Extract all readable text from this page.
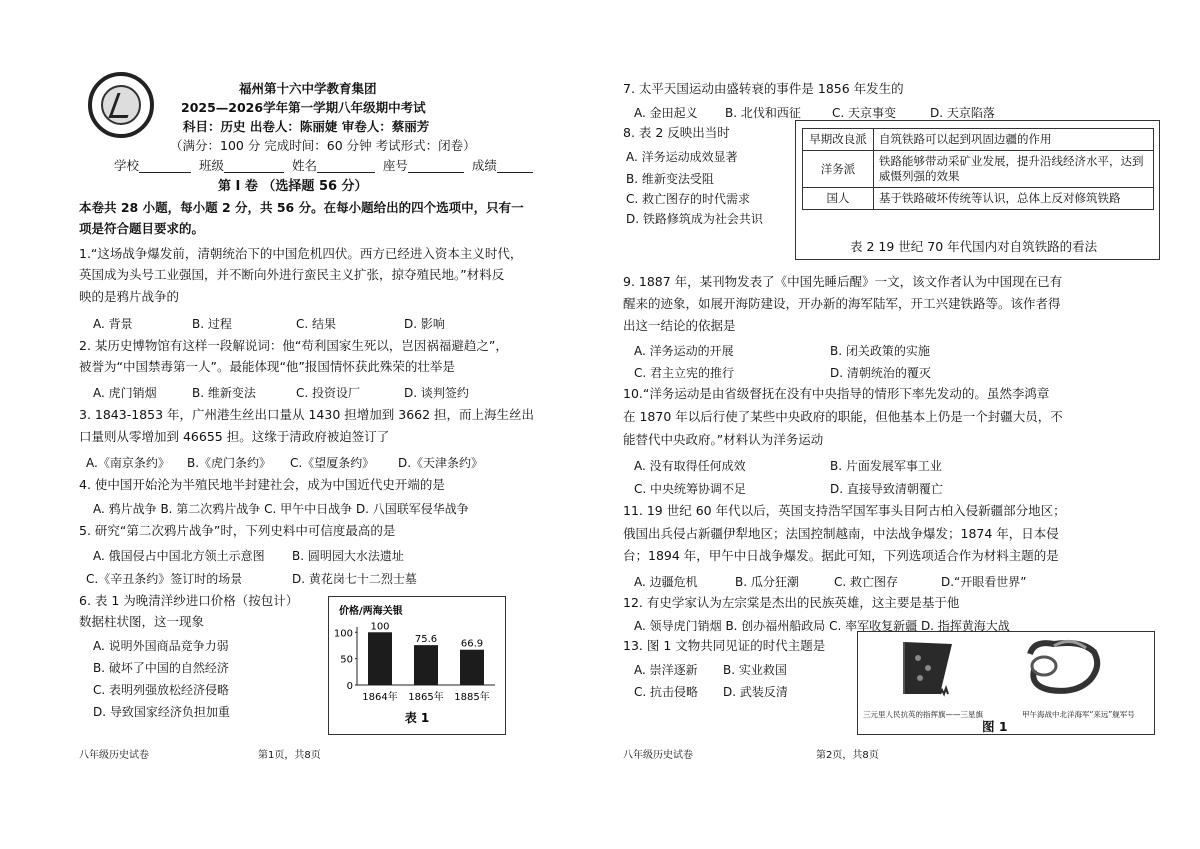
福州第十六中学教育集团
2025—2026学年第一学期八年级期中考试
科目：历史 出卷人：陈丽婕 审卷人：蔡丽芳
（满分：100 分 完成时间：60 分钟 考试形式：闭卷）
学校	班级	姓名	座号	成绩
第 Ⅰ 卷 （选择题 56 分）
本卷共 28 小题，每小题 2 分，共 56 分。在每小题给出的四个选项中，只有一
项是符合题目要求的。
1.“这场战争爆发前，清朝统治下的中国危机四伏。西方已经进入资本主义时代，
英国成为头号工业强国，并不断向外进行蛮民主义扩张，掠夺殖民地。”材料反
映的是鸦片战争的
A. 背景	B. 过程	C. 结果	D. 影响
2. 某历史博物馆有这样一段解说词：他“苟利国家生死以，岂因祸福避趋之”，
被誉为“中国禁毒第一人”。最能体现“他”报国情怀获此殊荣的壮举是
A. 虎门销烟	B. 维新变法	C. 投资设厂	D. 谈判签约
3. 1843-1853 年，广州港生丝出口量从 1430 担增加到 3662 担，而上海生丝出
口量则从零增加到 46655 担。这缘于清政府被迫签订了
A.《南京条约》 B.《虎门条约》 C.《望厦条约》 D.《天津条约》
4. 使中国开始沦为半殖民地半封建社会，成为中国近代史开端的是
A. 鸦片战争 B. 第二次鸦片战争 C. 甲午中日战争 D. 八国联军侵华战争
5. 研究“第二次鸦片战争”时，下列史料中可信度最高的是
A. 俄国侵占中国北方领土示意图 B. 圆明园大水法遗址
C.《辛丑条约》签订时的场景	D. 黄花岗七十二烈士墓
6. 表 1 为晚清洋纱进口价格（按包计）
数据柱状图，这一现象
A. 说明外国商品竞争力弱
B. 破坏了中国的自然经济
C. 表明列强放松经济侵略
D. 导致国家经济负担加重
价格/两海关银
0
50
100
100
1864年
75.6
1865年
66.9
1885年
表 1
八年级历史试卷	第1页，共8页
7. 太平天国运动由盛转衰的事件是 1856 年发生的
A. 金田起义 B. 北伐和西征	C. 天京事变	D. 天京陷落
8. 表 2 反映出当时
A. 洋务运动成效显著
B. 维新变法受阻
C. 救亡图存的时代需求
D. 铁路修筑成为社会共识
早期改良派	自筑铁路可以起到巩固边疆的作用
洋务派	铁路能够带动采矿业发展，提升沿线经济水平，达到威慑列强的效果
国人	基于铁路破坏传统等认识，总体上反对修筑铁路
表 2 19 世纪 70 年代国内对自筑铁路的看法
9. 1887 年，某刊物发表了《中国先睡后醒》一文，该文作者认为中国现在已有
醒来的迹象，如展开海防建设，开办新的海军陆军，开工兴建铁路等。该作者得
出这一结论的依据是
A. 洋务运动的开展	B. 闭关政策的实施
C. 君主立宪的推行	D. 清朝统治的覆灭
10.“洋务运动是由省级督抚在没有中央指导的情形下率先发动的。虽然李鸿章
在 1870 年以后行使了某些中央政府的职能，但他基本上仍是一个封疆大员，不
能替代中央政府。”材料认为洋务运动
A. 没有取得任何成效	B. 片面发展军事工业
C. 中央统筹协调不足	D. 直接导致清朝覆亡
11. 19 世纪 60 年代以后，英国支持浩罕国军事头目阿古柏入侵新疆部分地区；
俄国出兵侵占新疆伊犁地区；法国控制越南，中法战争爆发；1874 年，日本侵
台；1894 年，甲午中日战争爆发。据此可知，下列选项适合作为材料主题的是
A. 边疆危机	B. 瓜分狂潮	C. 救亡图存	D.“开眼看世界”
12. 有史学家认为左宗棠是杰出的民族英雄，这主要是基于他
A. 领导虎门销烟 B. 创办福州船政局 C. 率军收复新疆 D. 指挥黄海大战
13. 图 1 文物共同见证的时代主题是
A. 崇洋逐新 B. 实业救国
C. 抗击侵略 D. 武装反清
三元里人民抗英的指挥旗——三星旗	甲午海战中北洋海军“来远”舰军号
图 1
八年级历史试卷	第2页，共8页
